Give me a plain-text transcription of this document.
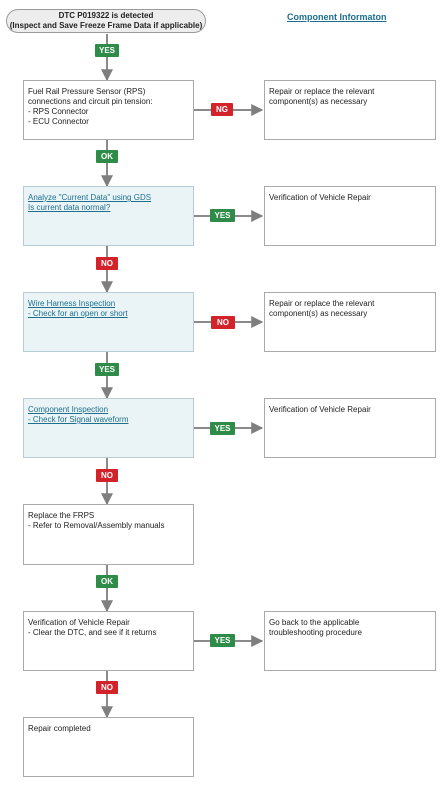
DTC P019322 is detected
(Inspect and Save Freeze Frame Data if applicable)
Component Informaton
Fuel Rail Pressure Sensor (RPS)
connections and circuit pin tension:
- RPS Connector
- ECU Connector
Analyze "Current Data" using GDS
Is current data normal?
Wire Harness Inspection
- Check for an open or short
Component Inspection
- Check for Signal waveform
Replace the FRPS
- Refer to Removal/Assembly manuals
Verification of Vehicle Repair
- Clear the DTC, and see if it returns
Repair completed
Repair or replace the relevant
component(s) as necessary
Verification of Vehicle Repair
Repair or replace the relevant
component(s) as necessary
Verification of Vehicle Repair
Go back to the applicable
troubleshooting procedure
YES
NG
OK
YES
NO
NO
YES
YES
NO
OK
YES
NO
